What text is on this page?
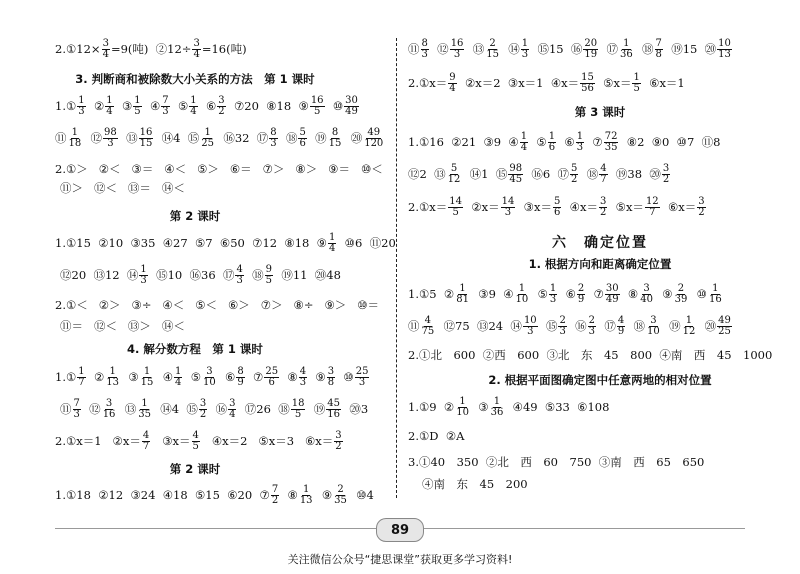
3. 判断商和被除数大小关系的方法　第 1 课时
第 2 课时
4. 解分数方程　第 1 课时
第 2 课时
2.①12× $\frac{3}{4} =9$(吨)  ②12÷ $\frac{3}{4} =16$(吨)
1.① $\frac{1}{3}$ ② $\frac{1}{4}$ ③ $\frac{1}{5}$ ④ $\frac{7}{3}$ ⑤ $\frac{1}{4}$ ⑥ $\frac{3}{2}$ ⑦20  ⑧18  ⑨ $\frac{16}{5}$ ⑩ $\frac{30}{49}$
⑪ $\frac{1}{18}$ ⑫ $\frac{98}{3}$ ⑬ $\frac{16}{15}$ ⑭4  ⑮ $\frac{1}{25}$ ⑯32  ⑰ $\frac{8}{3}$ ⑱ $\frac{5}{6}$ ⑲ $\frac{8}{15}$ ⑳ $\frac{49}{120}$
2.①＞   ②＜   ③＝   ④＜   ⑤＞   ⑥＝   ⑦＞   ⑧＞   ⑨＝   ⑩＜
⑪＞   ⑫＜   ⑬＝   ⑭＜
1.①15  ②10  ③35  ④27  ⑤7  ⑥50  ⑦12  ⑧18  ⑨ $\frac{1}{4}$ ⑩6  ⑪20
⑫20  ⑬12  ⑭ $\frac{1}{3}$ ⑮10  ⑯36  ⑰ $\frac{4}{3}$ ⑱ $\frac{9}{5}$ ⑲11  ⑳48
2.①＜   ②＞   ③÷   ④＜   ⑤＜   ⑥＞   ⑦＞   ⑧÷   ⑨＞   ⑩＝
⑪＝   ⑫＜   ⑬＞   ⑭＜
1.① $\frac{1}{7}$ ② $\frac{1}{13}$ ③ $\frac{1}{15}$ ④ $\frac{1}{4}$ ⑤ $\frac{3}{10}$ ⑥ $\frac{8}{9}$ ⑦ $\frac{25}{6}$ ⑧ $\frac{4}{3}$ ⑨ $\frac{3}{8}$ ⑩ $\frac{25}{3}$
⑪ $\frac{7}{3}$ ⑫ $\frac{3}{16}$ ⑬ $\frac{1}{35}$ ⑭4  ⑮ $\frac{3}{2}$ ⑯ $\frac{3}{4}$ ⑰26  ⑱ $\frac{18}{5}$ ⑲ $\frac{45}{16}$ ⑳3
2.①x＝1   ②x＝ $\frac{4}{7}$ ③x＝ $\frac{4}{5}$ ④x＝2   ⑤x＝3   ⑥x＝ $\frac{3}{2}$
1.①18  ②12  ③24  ④18  ⑤15  ⑥20  ⑦ $\frac{7}{2}$ ⑧ $\frac{1}{13}$ ⑨ $\frac{2}{35}$ ⑩4
第 3 课时
六　确定位置
1. 根据方向和距离确定位置
2. 根据平面图确定图中任意两地的相对位置
⑪ $\frac{8}{3}$ ⑫ $\frac{16}{3}$ ⑬ $\frac{2}{15}$ ⑭ $\frac{1}{3}$ ⑮15  ⑯ $\frac{20}{19}$ ⑰ $\frac{1}{36}$ ⑱ $\frac{7}{8}$ ⑲15  ⑳ $\frac{10}{13}$
2.①x＝ $\frac{9}{4}$ ②x＝2  ③x＝1  ④x＝ $\frac{15}{56}$ ⑤x＝ $\frac{1}{5}$ ⑥x＝1
1.①16  ②21  ③9  ④ $\frac{1}{4}$ ⑤ $\frac{1}{6}$ ⑥ $\frac{1}{3}$ ⑦ $\frac{72}{35}$ ⑧2  ⑨0  ⑩7  ⑪8
⑫2  ⑬ $\frac{5}{12}$ ⑭1  ⑮ $\frac{98}{45}$ ⑯6  ⑰ $\frac{5}{2}$ ⑱ $\frac{4}{7}$ ⑲38  ⑳ $\frac{3}{2}$
2.①x＝ $\frac{14}{5}$ ②x＝ $\frac{14}{3}$ ③x＝ $\frac{5}{6}$ ④x＝ $\frac{3}{2}$ ⑤x＝ $\frac{12}{7}$ ⑥x＝ $\frac{3}{2}$
1.①5  ② $\frac{1}{81}$ ③9  ④ $\frac{1}{10}$ ⑤ $\frac{1}{3}$ ⑥ $\frac{2}{9}$ ⑦ $\frac{30}{49}$ ⑧ $\frac{3}{40}$ ⑨ $\frac{2}{39}$ ⑩ $\frac{1}{16}$
⑪ $\frac{4}{75}$ ⑫75  ⑬24  ⑭ $\frac{10}{3}$ ⑮ $\frac{2}{3}$ ⑯ $\frac{2}{3}$ ⑰ $\frac{4}{9}$ ⑱ $\frac{3}{10}$ ⑲ $\frac{1}{12}$ ⑳ $\frac{49}{25}$
2.①北　600  ②西　600  ③北　东　45　800  ④南　西　45　1000
1.①9  ② $\frac{1}{10}$ ③ $\frac{1}{36}$ ④49  ⑤33  ⑥108
2.①D  ②A
3.①40　350  ②北　西　60　750  ③南　西　65　650
④南　东　45　200
89
关注微信公众号“捷思课堂”获取更多学习资料!
